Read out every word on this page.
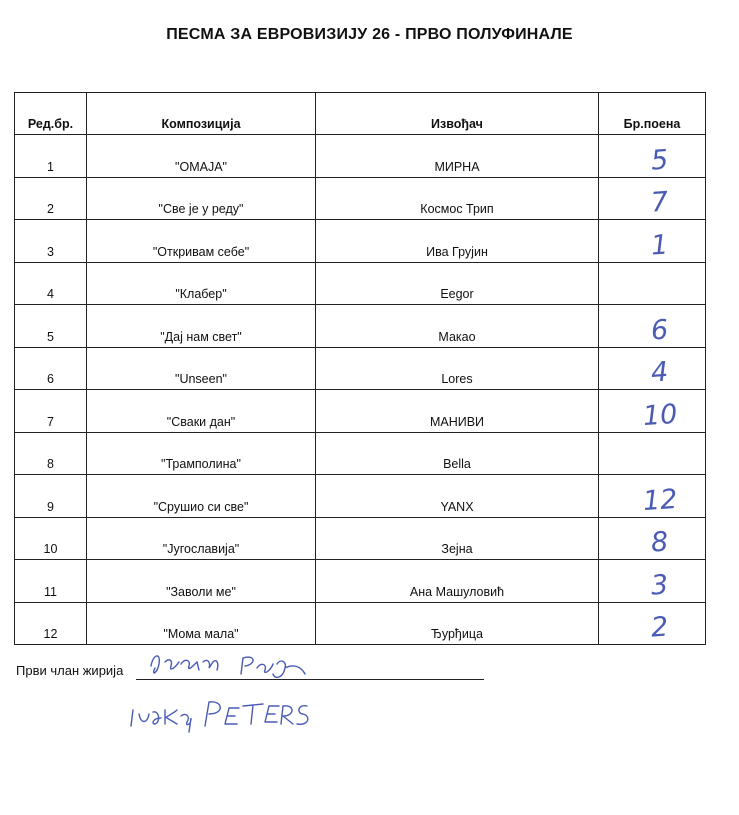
ПЕСМА ЗА ЕВРОВИЗИЈУ 26 - ПРВО ПОЛУФИНАЛЕ
Ред.бр.	Композиција	Извођач	Бр.поена
1	"ОМАЈА"	МИРНА	5
2	"Све је у реду"	Космос Трип	7
3	"Откривам себе"	Ива Грујин	1
4	"Клабер"	Eegor	
5	"Дај нам свет"	Макао	6
6	"Unseen"	Lores	4
7	"Сваки дан"	МАНИВИ	10
8	"Трамполина"	Bella	
9	"Срушио си све"	YANX	12
10	"Југославија"	Зејна	8
11	"Заволи ме"	Ана Машуловић	3
12	"Мома мала"	Ђурђица	2
Први члан жирија
